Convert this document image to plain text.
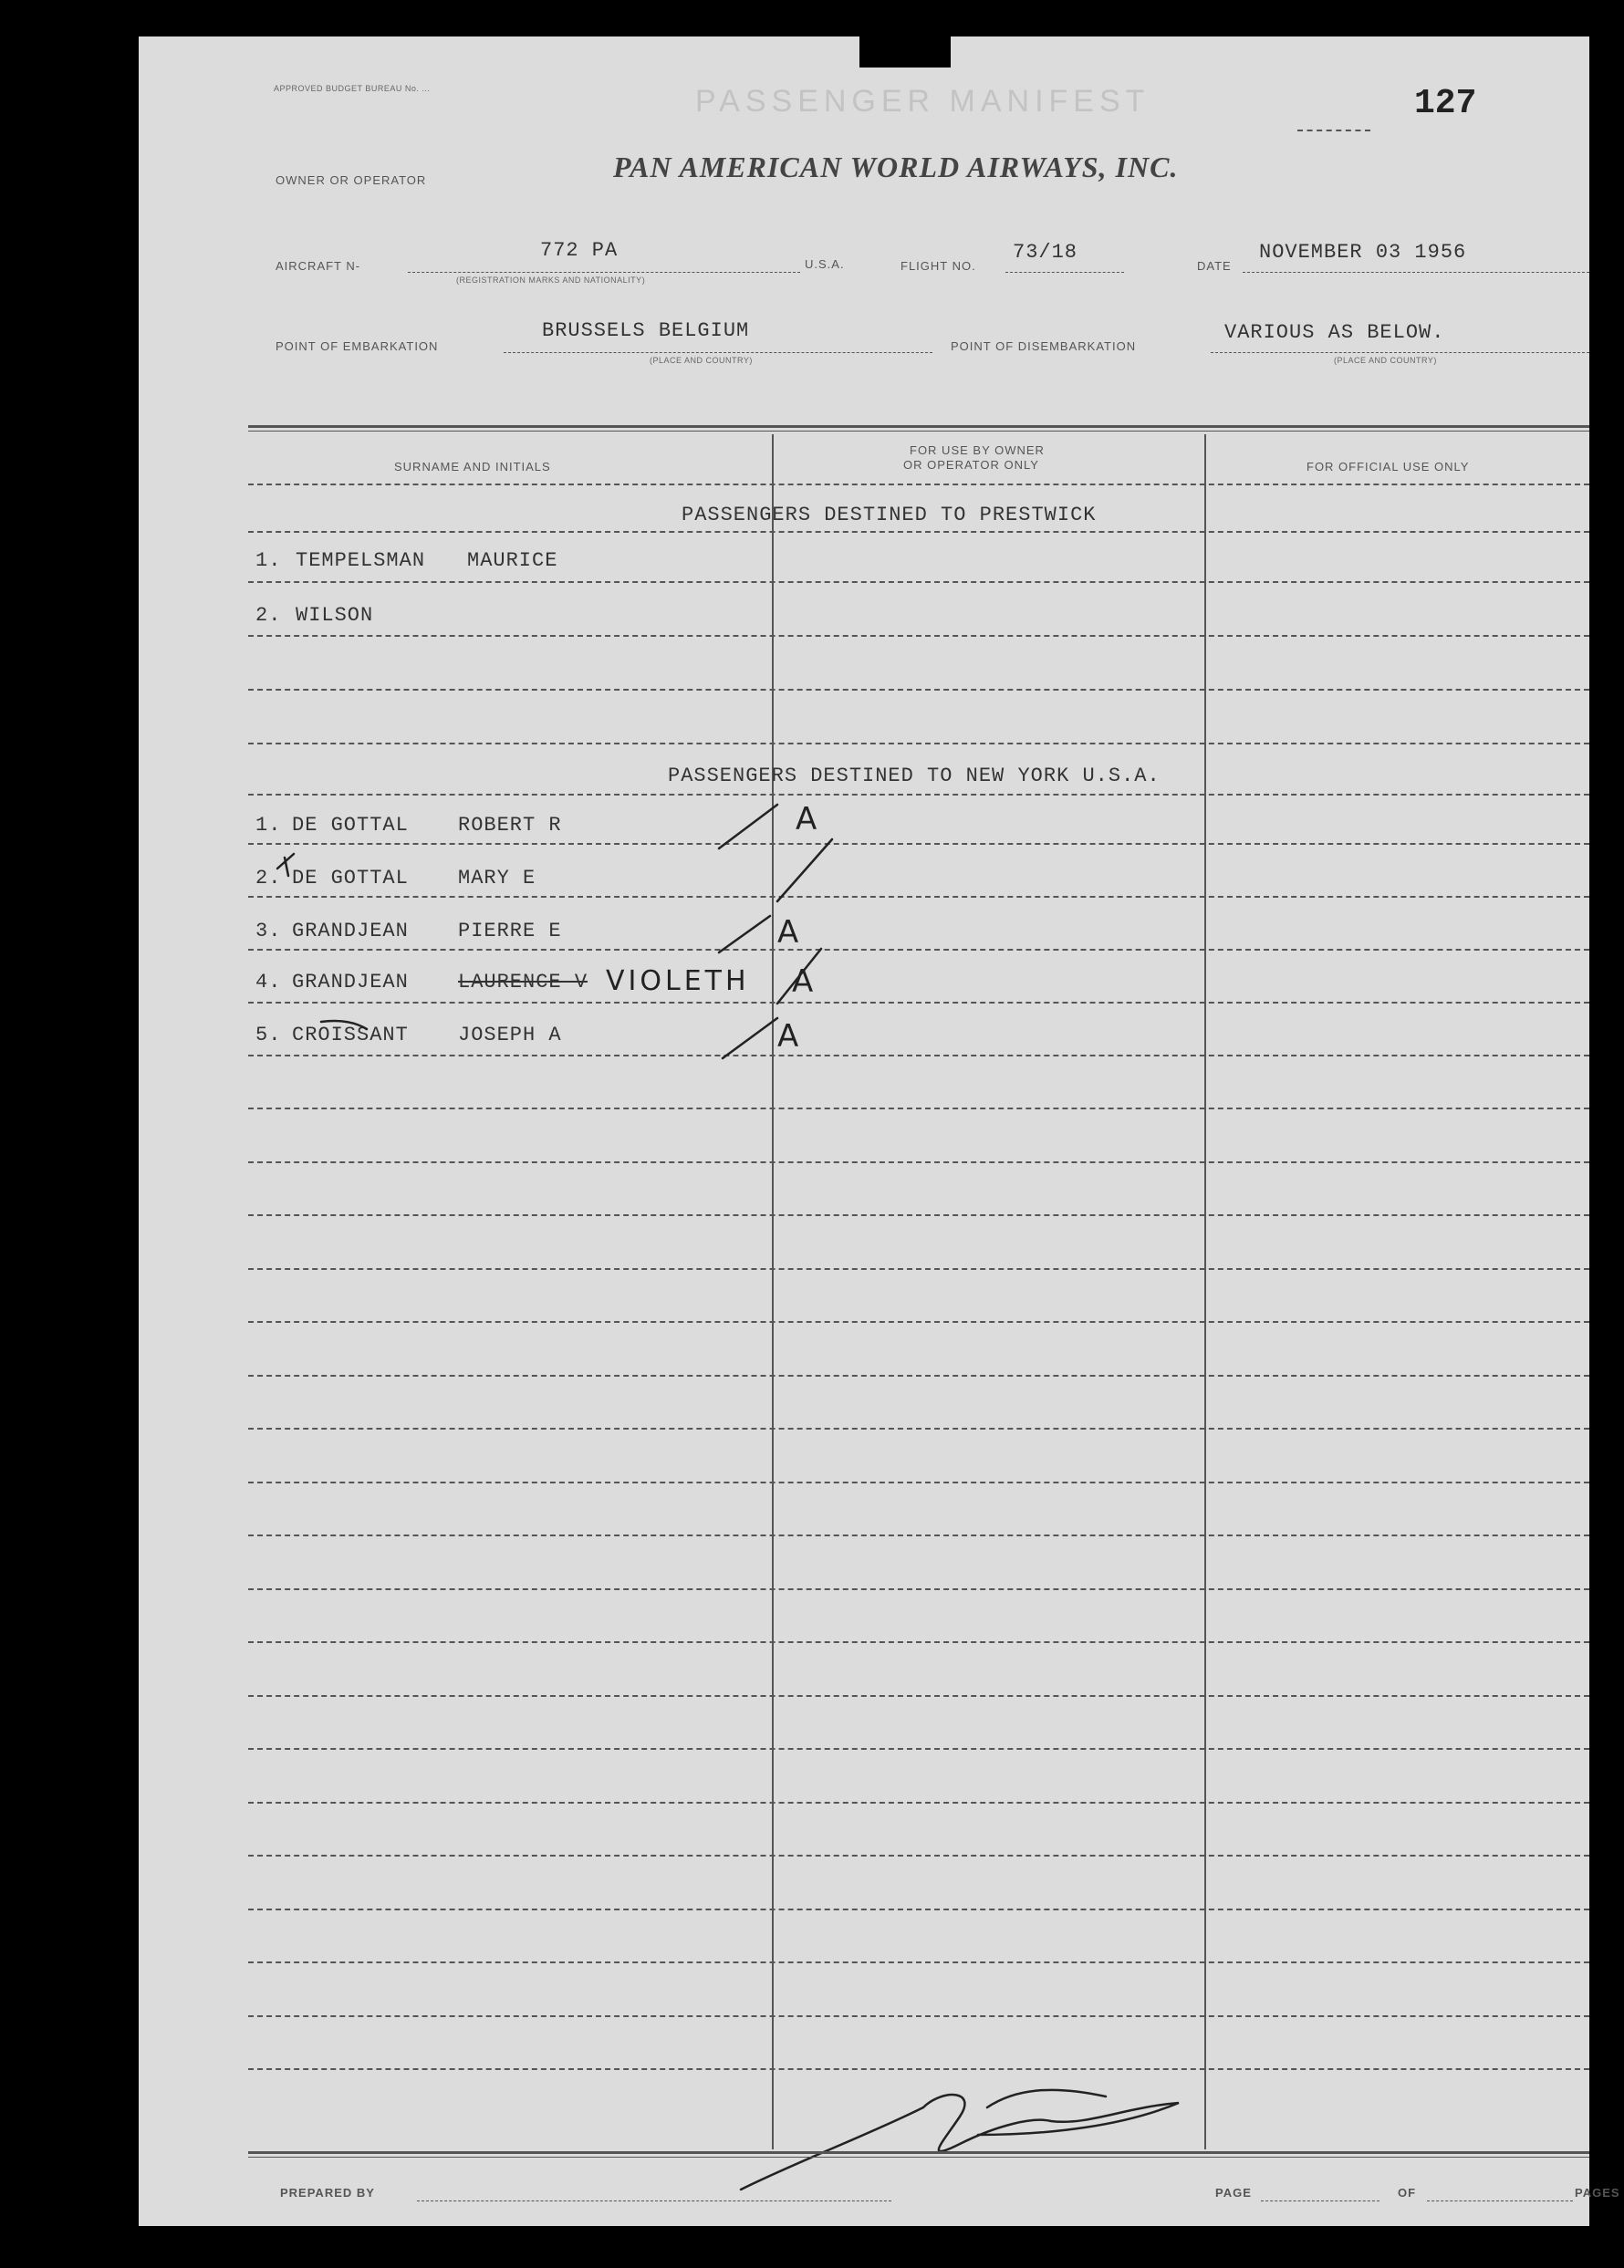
APPROVED BUDGET BUREAU No. ...	PASSENGER MANIFEST	127
OWNER OR OPERATOR	PAN AMERICAN WORLD AIRWAYS, INC.
AIRCRAFT N-
772 PA
(REGISTRATION MARKS AND NATIONALITY)
U.S.A.	FLIGHT NO.
73/18
DATE
NOVEMBER 03 1956
POINT OF EMBARKATION
BRUSSELS BELGIUM
(PLACE AND COUNTRY)
POINT OF DISEMBARKATION
VARIOUS AS BELOW.
(PLACE AND COUNTRY)
SURNAME AND INITIALS
FOR USE BY OWNER
OR OPERATOR ONLY	FOR OFFICIAL USE ONLY
PASSENGERS DESTINED TO PRESTWICK
1. TEMPELSMAN MAURICE
2. WILSON
PASSENGERS DESTINED TO NEW YORK U.S.A.
1. DE GOTTAL ROBERT R	A
2. DE GOTTAL MARY E
3. GRANDJEAN PIERRE E	A
4. GRANDJEAN LAURENCE V VIOLETH A
5. CROISSANT JOSEPH A	A
PREPARED BY	PAGE	OF	PAGES
